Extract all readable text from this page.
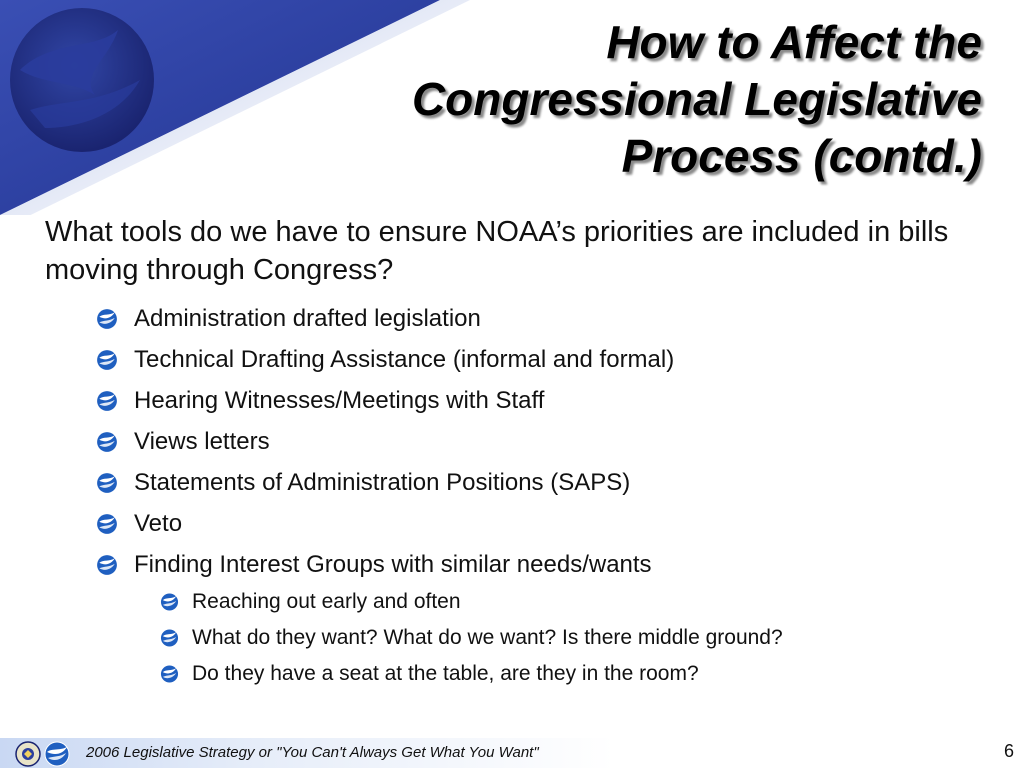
How to Affect the
Congressional Legislative
Process (contd.)

What tools do we have to ensure NOAA’s priorities are included in bills moving through Congress?

Administration drafted legislation
Technical Drafting Assistance (informal and formal)
Hearing Witnesses/Meetings with Staff
Views letters
Statements of Administration Positions (SAPS)
Veto
Finding Interest Groups with similar needs/wants
Reaching out early and often
What do they want? What do we want? Is there middle ground?
Do they have a seat at the table, are they in the room?
2006 Legislative Strategy or "You Can't Always Get What You Want"	6
